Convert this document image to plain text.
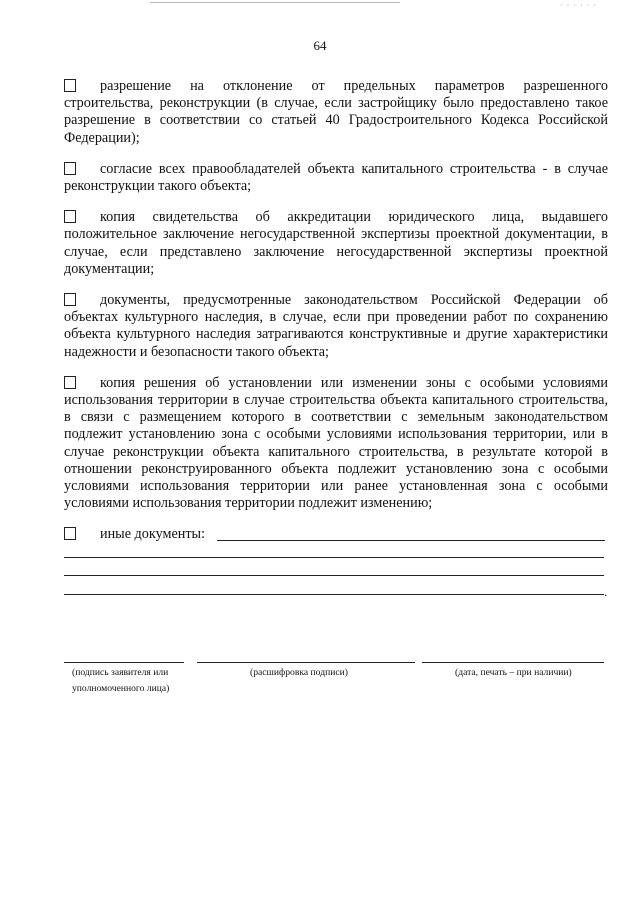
· · · · · ·
64
разрешение на отклонение от предельных параметров разрешенного строительства, реконструкции (в случае, если застройщику было предоставлено такое разрешение в соответствии со статьей 40 Градостроительного Кодекса Российской Федерации);
согласие всех правообладателей объекта капитального строительства - в случае реконструкции такого объекта;
копия свидетельства об аккредитации юридического лица, выдавшего положительное заключение негосударственной экспертизы проектной документации, в случае, если представлено заключение негосударственной экспертизы проектной документации;
документы, предусмотренные законодательством Российской Федерации об объектах культурного наследия, в случае, если при проведении работ по сохранению объекта культурного наследия затрагиваются конструктивные и другие характеристики надежности и безопасности такого объекта;
копия решения об установлении или изменении зоны с особыми условиями использования территории в случае строительства объекта капитального строительства, в связи с размещением которого в соответствии с земельным законодательством подлежит установлению зона с особыми условиями использования территории, или в случае реконструкции объекта капитального строительства, в результате которой в отношении реконструированного объекта подлежит установлению зона с особыми условиями использования территории или ранее установленная зона с особыми условиями использования территории подлежит изменению;
иные документы:
.
(подпись заявителя или
уполномоченного лица)
(расшифровка подписи)	(дата, печать – при наличии)
